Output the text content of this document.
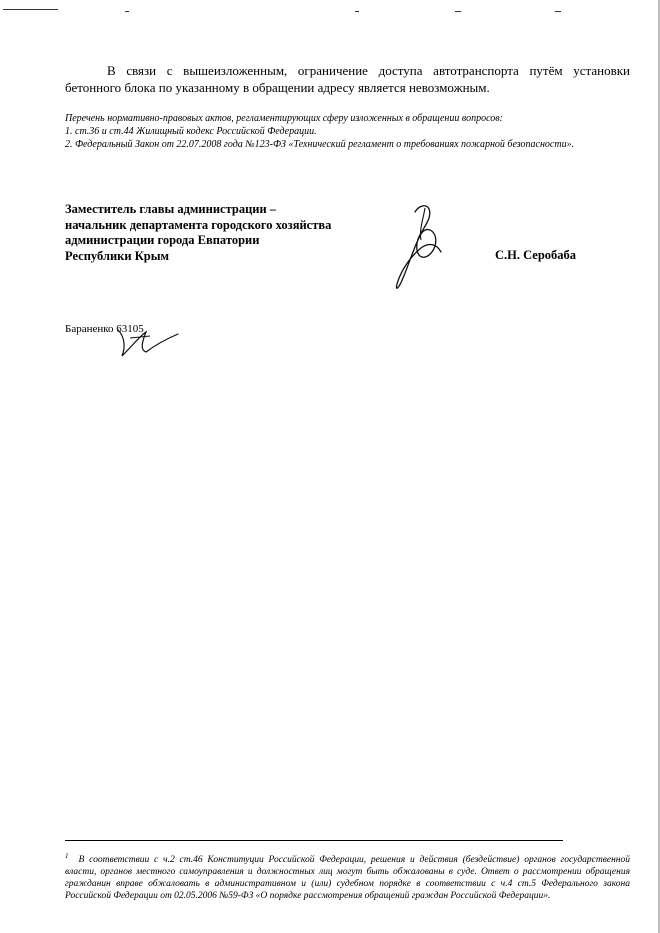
В связи с вышеизложенным, ограничение доступа автотранспорта путём установки бетонного блока по указанному в обращении адресу является невозможным.

Перечень нормативно-правовых актов, регламентирующих сферу изложенных в обращении вопросов:

1. ст.36 и ст.44 Жилищный кодекс Российской Федерации.

2. Федеральный Закон от 22.07.2008 года №123-ФЗ «Технический регламент о требованиях пожарной безопасности».

Заместитель главы администрации –
начальник департамента городского хозяйства
администрации города Евпатории
Республики Крым	С.Н. Серобаба
Бараненко 63105

$^1$ В соответствии с ч.2 ст.46 Конституции Российской Федерации, решения и действия (бездействие) органов государственной власти, органов местного самоуправления и должностных лиц могут быть обжалованы в суде. Ответ о рассмотрении обращения гражданин вправе обжаловать в административном и (или) судебном порядке в соответствии с ч.4 ст.5 Федерального закона Российской Федерации от 02.05.2006 №59-ФЗ «О порядке рассмотрения обращений граждан Российской Федерации».
